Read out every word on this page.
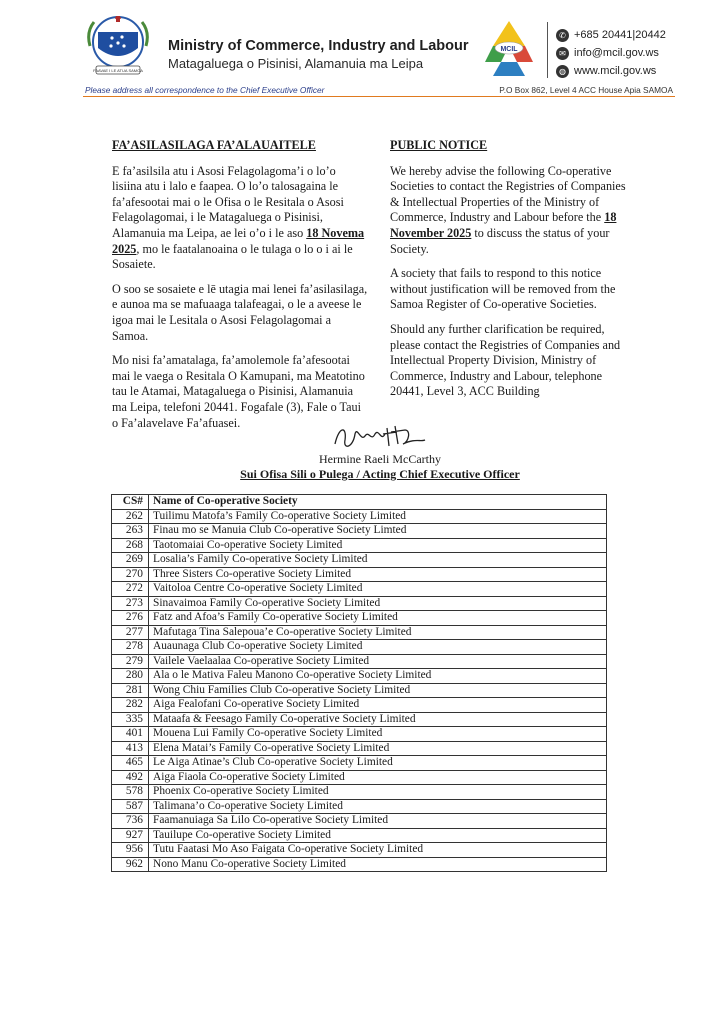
FAAVAE I LE ATUA SAMOA
Ministry of Commerce, Industry and Labour
Matagaluega o Pisinisi, Alamanuia ma Leipa
MCIL
✆ +685 20441|20442
✉ info@mcil.gov.ws
◍ www.mcil.gov.ws
Please address all correspondence to the Chief Executive Officer	P.O Box 862, Level 4 ACC House Apia SAMOA
FA’ASILASILAGA FA’ALAUAITELE

E fa’asilsila atu i Asosi Felagolagoma’i o lo’o lisiina atu i lalo e faapea. O lo’o talosagaina le fa’afesootai mai o le Ofisa o le Resitala o Asosi Felagolagomai, i le Matagaluega o Pisinisi, Alamanuia ma Leipa, ae lei o’o i le aso 18 Novema 2025, mo le faatalanoaina o le tulaga o lo o i ai le Sosaiete.

O soo se sosaiete e lē utagia mai lenei fa’asilasilaga, e aunoa ma se mafuaaga talafeagai, o le a aveese le igoa mai le Lesitala o Asosi Felagolagomai a Samoa.

Mo nisi fa’amatalaga, fa’amolemole fa’afesootai mai le vaega o Resitala O Kamupani, ma Meatotino tau le Atamai, Matagaluega o Pisinisi, Alamanuia ma Leipa, telefoni 20441. Fogafale (3), Fale o Taui o Fa’alavelave Fa’afuasei.

PUBLIC NOTICE

We hereby advise the following Co-operative Societies to contact the Registries of Companies & Intellectual Properties of the Ministry of Commerce, Industry and Labour before the 18 November 2025 to discuss the status of your Society.

A society that fails to respond to this notice without justification will be removed from the Samoa Register of Co-operative Societies.

Should any further clarification be required, please contact the Registries of Companies and Intellectual Property Division, Ministry of Commerce, Industry and Labour, telephone 20441, Level 3, ACC Building

Hermine Raeli McCarthy
Sui Ofisa Sili o Pulega / Acting Chief Executive Officer
CS#	Name of Co-operative Society
262	Tuilimu Matofa’s Family Co-operative Society Limited
263	Finau mo se Manuia Club Co-operative Society Limted
268	Taotomaiai Co-operative Society Limited
269	Losalia’s Family Co-operative Society Limited
270	Three Sisters Co-operative Society Limited
272	Vaitoloa Centre Co-operative Society Limited
273	Sinavaimoa Family Co-operative Society Limited
276	Fatz and Afoa’s Family Co-operative Society Limited
277	Mafutaga Tina Salepoua’e Co-operative Society Limited
278	Auaunaga Club Co-operative Society Limited
279	Vailele Vaelaalaa Co-operative Society Limited
280	Ala o le Mativa Faleu Manono Co-operative Society Limited
281	Wong Chiu Families Club Co-operative Society Limited
282	Aiga Fealofani Co-operative Society Limited
335	Mataafa & Feesago Family Co-operative Society Limited
401	Mouena Lui Family Co-operative Society Limited
413	Elena Matai’s Family Co-operative Society Limited
465	Le Aiga Atinae’s Club Co-operative Society Limited
492	Aiga Fiaola Co-operative Society Limited
578	Phoenix Co-operative Society Limited
587	Talimana’o Co-operative Society Limited
736	Faamanuiaga Sa Lilo Co-operative Society Limited
927	Tauilupe Co-operative Society Limited
956	Tutu Faatasi Mo Aso Faigata Co-operative Society Limited
962	Nono Manu Co-operative Society Limited
